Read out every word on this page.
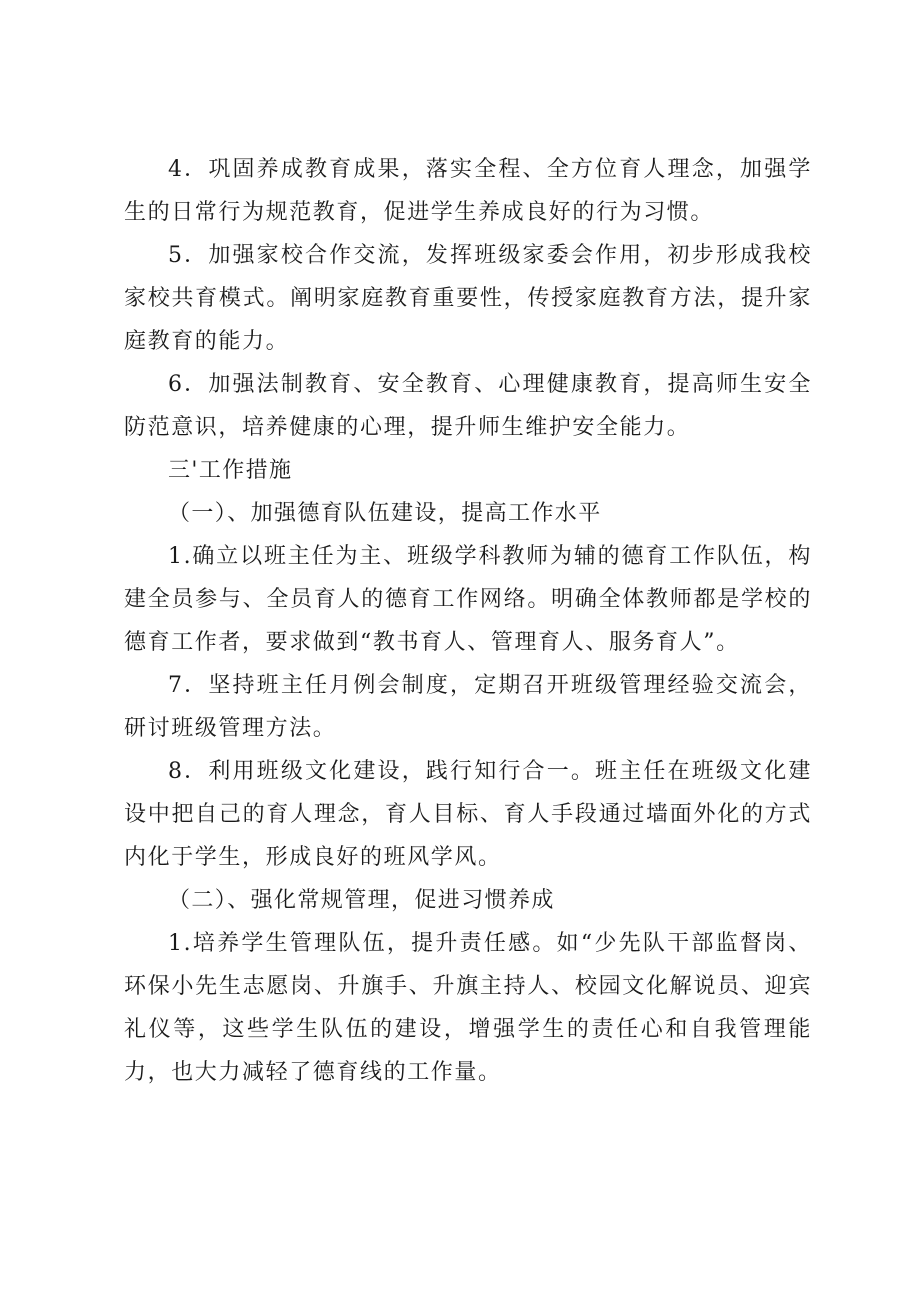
4．巩固养成教育成果，落实全程、全方位育人理念，加强学生的日常行为规范教育，促进学生养成良好的行为习惯。

5．加强家校合作交流，发挥班级家委会作用，初步形成我校家校共育模式。阐明家庭教育重要性，传授家庭教育方法，提升家庭教育的能力。

6．加强法制教育、安全教育、心理健康教育，提高师生安全防范意识，培养健康的心理，提升师生维护安全能力。

三'工作措施

（一）、加强德育队伍建设，提高工作水平

1.确立以班主任为主、班级学科教师为辅的德育工作队伍，构建全员参与、全员育人的德育工作网络。明确全体教师都是学校的德育工作者，要求做到“教书育人、管理育人、服务育人”。

7．坚持班主任月例会制度，定期召开班级管理经验交流会，研讨班级管理方法。

8．利用班级文化建设，践行知行合一。班主任在班级文化建设中把自己的育人理念，育人目标、育人手段通过墙面外化的方式内化于学生，形成良好的班风学风。

（二）、强化常规管理，促进习惯养成

1.培养学生管理队伍，提升责任感。如“少先队干部监督岗、环保小先生志愿岗、升旗手、升旗主持人、校园文化解说员、迎宾礼仪等，这些学生队伍的建设，增强学生的责任心和自我管理能力，也大力减轻了德育线的工作量。
